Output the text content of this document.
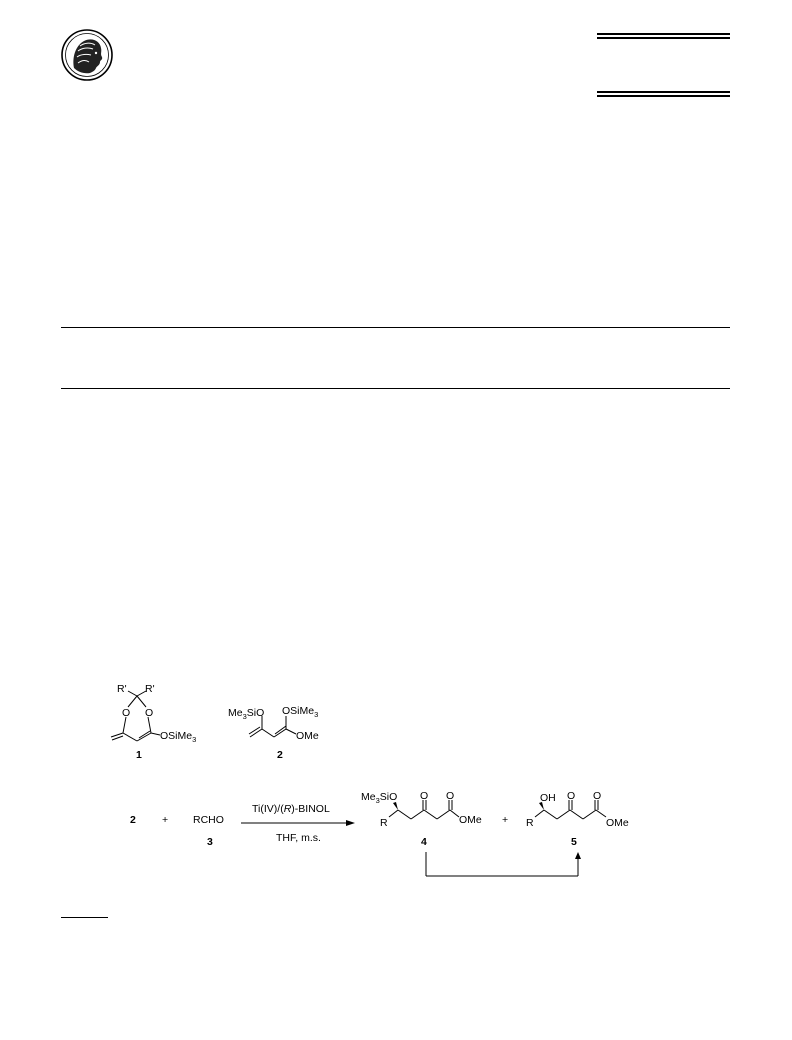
R' R'
O O
OSiMe$_3$
1
$Me_3SiO$ OSiMe$_3$
OMe
2
2 + RCHO
3
Ti(IV)/(R)-BINOL
THF, m.s.
$Me_3SiO$
R
O O
OMe
4
+
OH
R
O O
OMe
5
